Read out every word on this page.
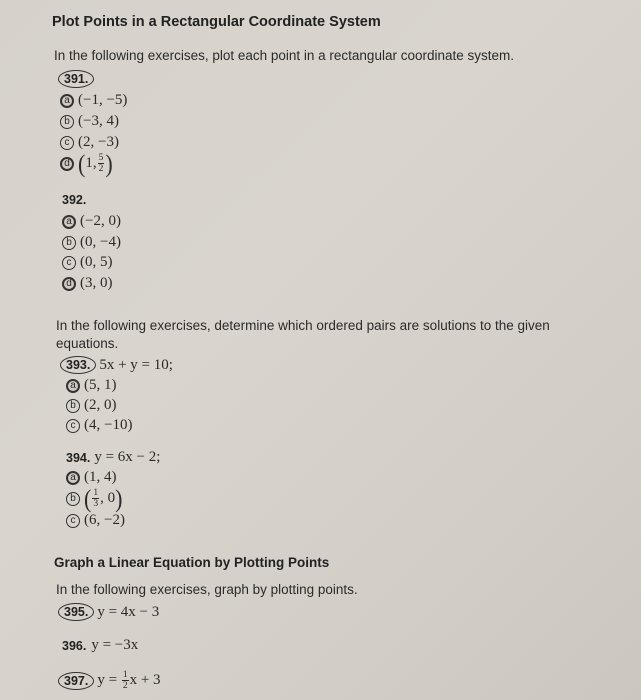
Plot Points in a Rectangular Coordinate System
In the following exercises, plot each point in a rectangular coordinate system.
391.
a (−1, −5)
b (−3, 4)
c (2, −3)
d ( 1, $\frac{5}{2}$ )
392.
a (−2, 0)
b (0, −4)
c (0, 5)
d (3, 0)
In the following exercises, determine which ordered pairs are solutions to the given
equations.
393. 5x + y = 10;
a (5, 1)
b (2, 0)
c (4, −10)
394. y = 6x − 2;
a (1, 4)
b ( $\frac{1}{3}$ , 0 )
c (6, −2)
Graph a Linear Equation by Plotting Points
In the following exercises, graph by plotting points.
395. y = 4x − 3
396. y = −3x
397. $y = \frac{1}{2}$ x + 3
